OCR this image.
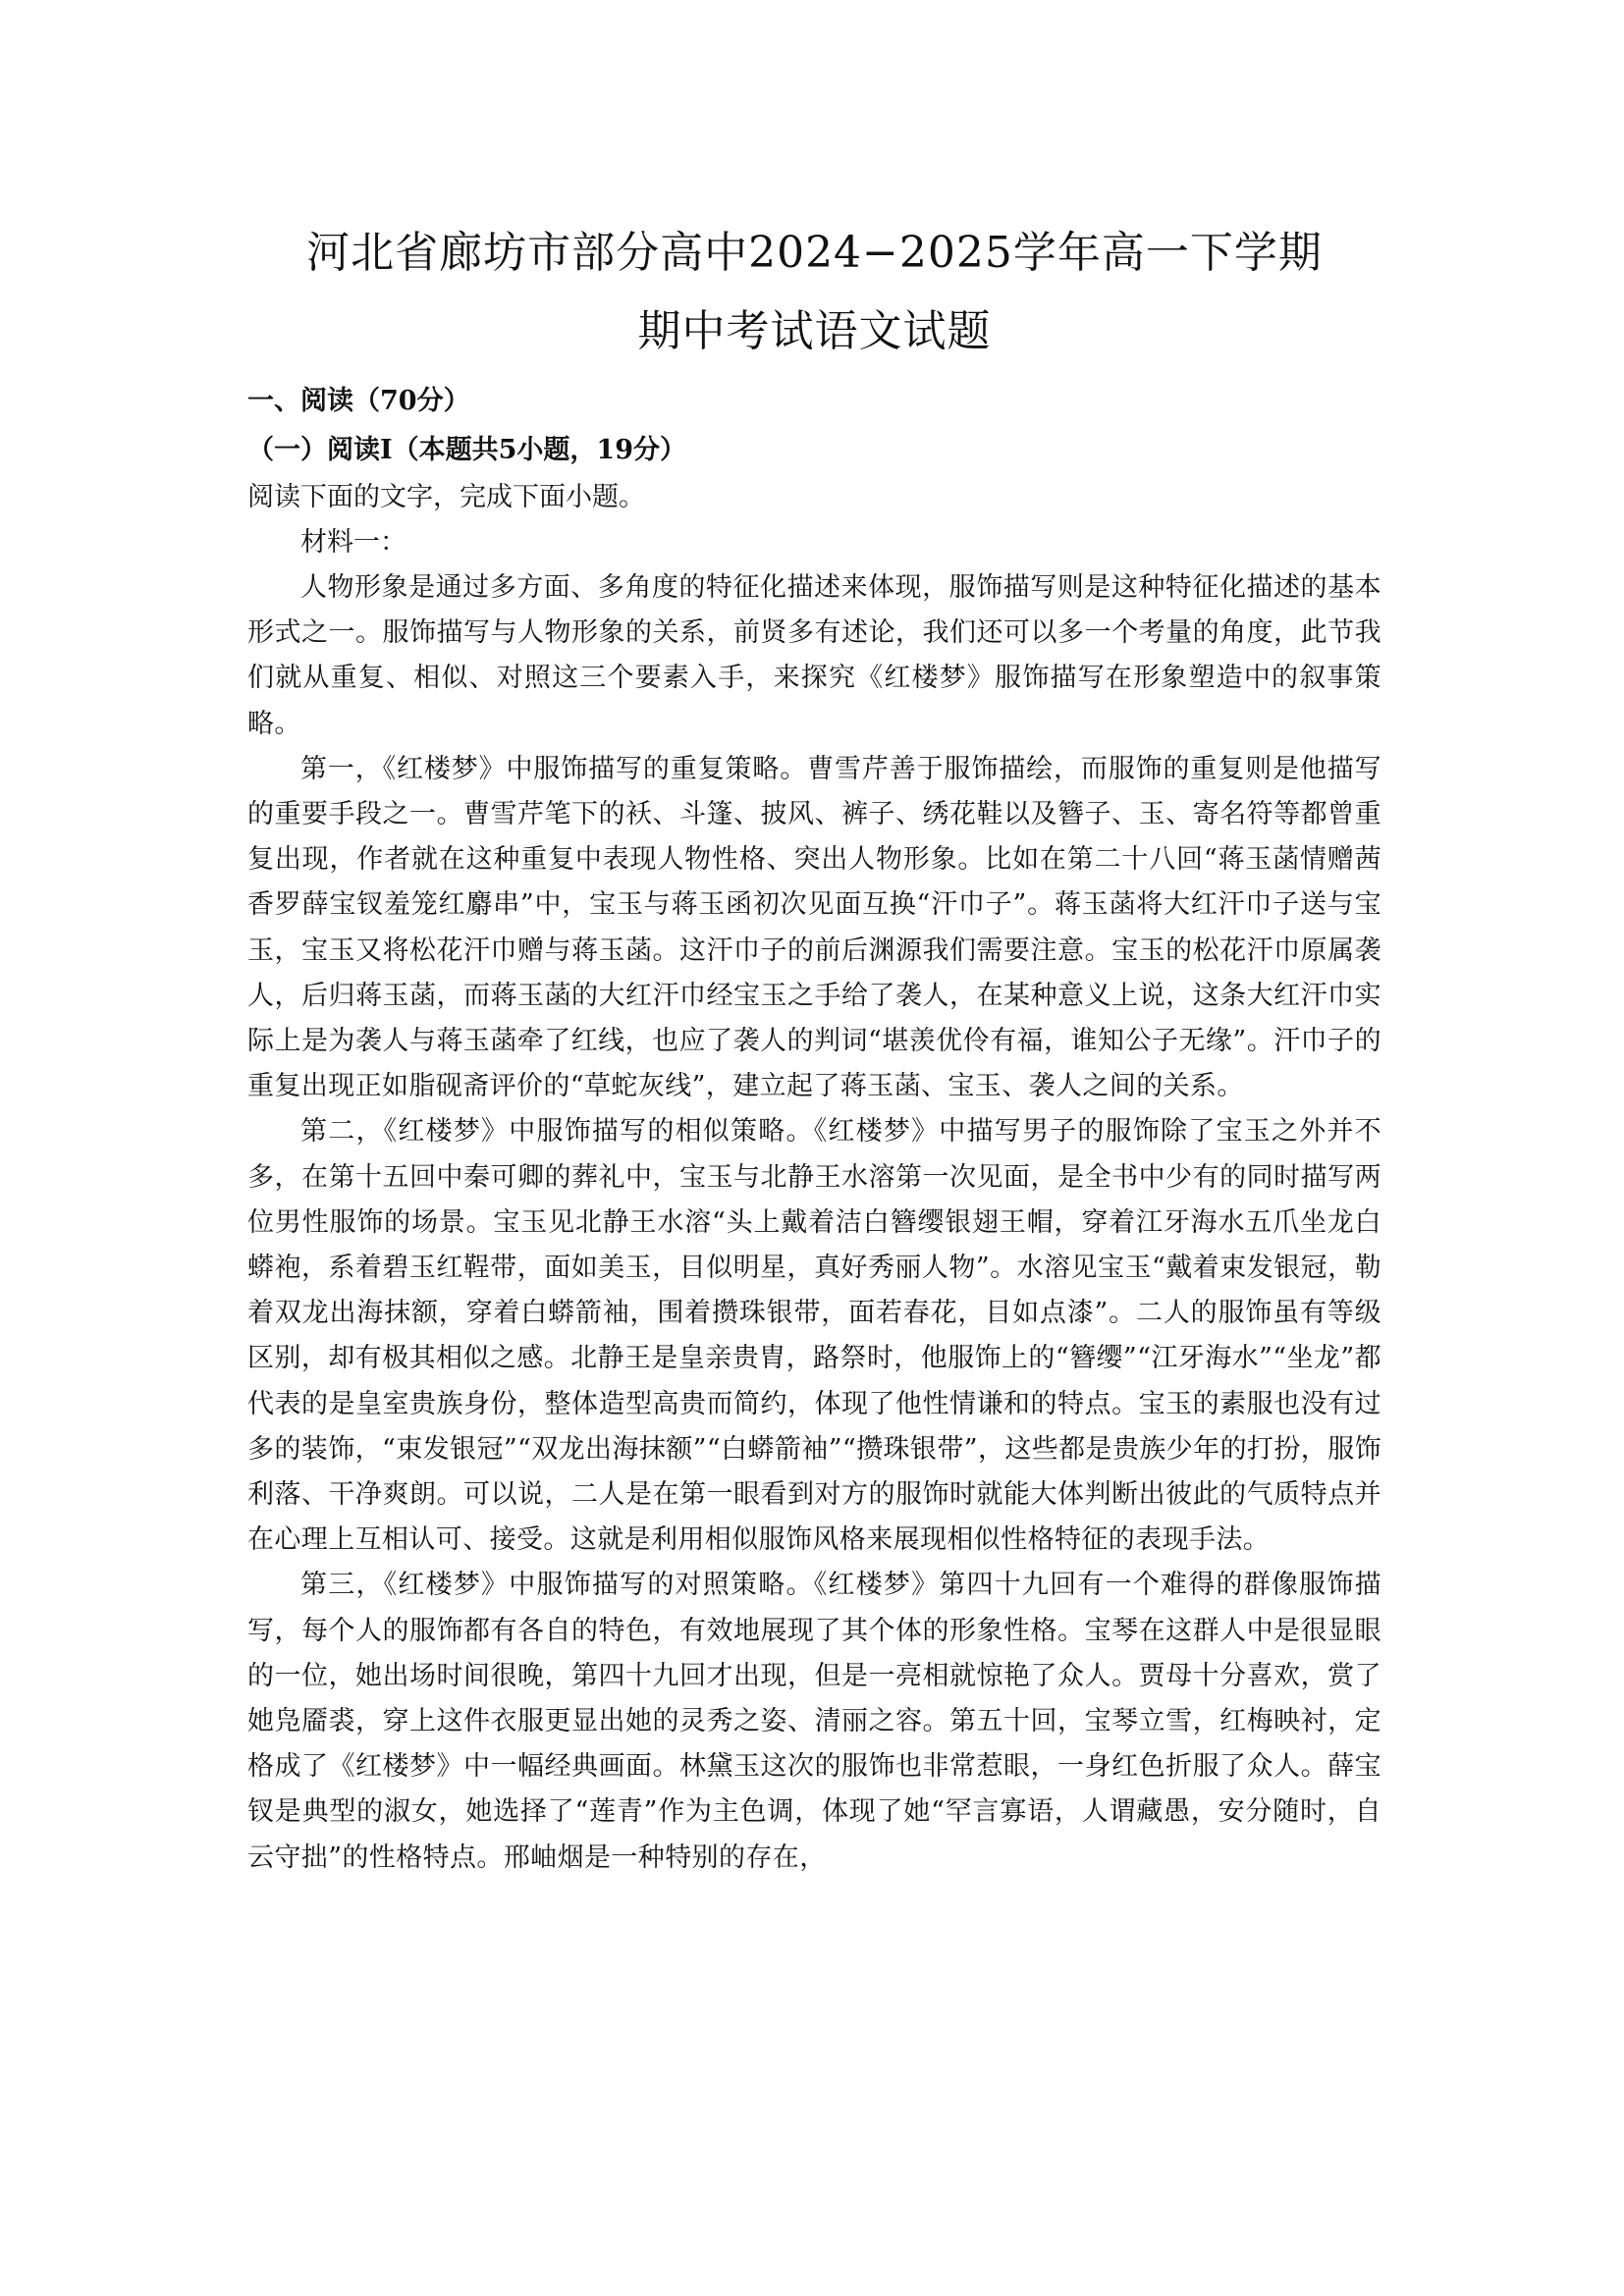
河北省廊坊市部分高中2024−2025学年高一下学期
期中考试语文试题

一、阅读（70分）

（一）阅读Ⅰ（本题共5小题，19分）

阅读下面的文字，完成下面小题。

材料一：

人物形象是通过多方面、多角度的特征化描述来体现，服饰描写则是这种特征化描述的基本形式之一。服饰描写与人物形象的关系，前贤多有述论，我们还可以多一个考量的角度，此节我们就从重复、相似、对照这三个要素入手，来探究《红楼梦》服饰描写在形象塑造中的叙事策略。

第一，《红楼梦》中服饰描写的重复策略。曹雪芹善于服饰描绘，而服饰的重复则是他描写的重要手段之一。曹雪芹笔下的袄、斗篷、披风、裤子、绣花鞋以及簪子、玉、寄名符等都曾重复出现，作者就在这种重复中表现人物性格、突出人物形象。比如在第二十八回“蒋玉菡情赠茜香罗薛宝钗羞笼红麝串”中，宝玉与蒋玉函初次见面互换“汗巾子”。蒋玉菡将大红汗巾子送与宝玉，宝玉又将松花汗巾赠与蒋玉菡。这汗巾子的前后渊源我们需要注意。宝玉的松花汗巾原属袭人，后归蒋玉菡，而蒋玉菡的大红汗巾经宝玉之手给了袭人，在某种意义上说，这条大红汗巾实际上是为袭人与蒋玉菡牵了红线，也应了袭人的判词“堪羡优伶有福，谁知公子无缘”。汗巾子的重复出现正如脂砚斋评价的“草蛇灰线”，建立起了蒋玉菡、宝玉、袭人之间的关系。

第二，《红楼梦》中服饰描写的相似策略。《红楼梦》中描写男子的服饰除了宝玉之外并不多，在第十五回中秦可卿的葬礼中，宝玉与北静王水溶第一次见面，是全书中少有的同时描写两位男性服饰的场景。宝玉见北静王水溶“头上戴着洁白簪缨银翅王帽，穿着江牙海水五爪坐龙白蟒袍，系着碧玉红鞓带，面如美玉，目似明星，真好秀丽人物”。水溶见宝玉“戴着束发银冠，勒着双龙出海抹额，穿着白蟒箭袖，围着攒珠银带，面若春花，目如点漆”。二人的服饰虽有等级区别，却有极其相似之感。北静王是皇亲贵胄，路祭时，他服饰上的“簪缨”“江牙海水”“坐龙”都代表的是皇室贵族身份，整体造型高贵而简约，体现了他性情谦和的特点。宝玉的素服也没有过多的装饰，“束发银冠”“双龙出海抹额”“白蟒箭袖”“攒珠银带”，这些都是贵族少年的打扮，服饰利落、干净爽朗。可以说，二人是在第一眼看到对方的服饰时就能大体判断出彼此的气质特点并在心理上互相认可、接受。这就是利用相似服饰风格来展现相似性格特征的表现手法。

第三，《红楼梦》中服饰描写的对照策略。《红楼梦》第四十九回有一个难得的群像服饰描写，每个人的服饰都有各自的特色，有效地展现了其个体的形象性格。宝琴在这群人中是很显眼的一位，她出场时间很晚，第四十九回才出现，但是一亮相就惊艳了众人。贾母十分喜欢，赏了她凫靥裘，穿上这件衣服更显出她的灵秀之姿、清丽之容。第五十回，宝琴立雪，红梅映衬，定格成了《红楼梦》中一幅经典画面。林黛玉这次的服饰也非常惹眼，一身红色折服了众人。薛宝钗是典型的淑女，她选择了“莲青”作为主色调，体现了她“罕言寡语，人谓藏愚，安分随时，自云守拙”的性格特点。邢岫烟是一种特别的存在，
